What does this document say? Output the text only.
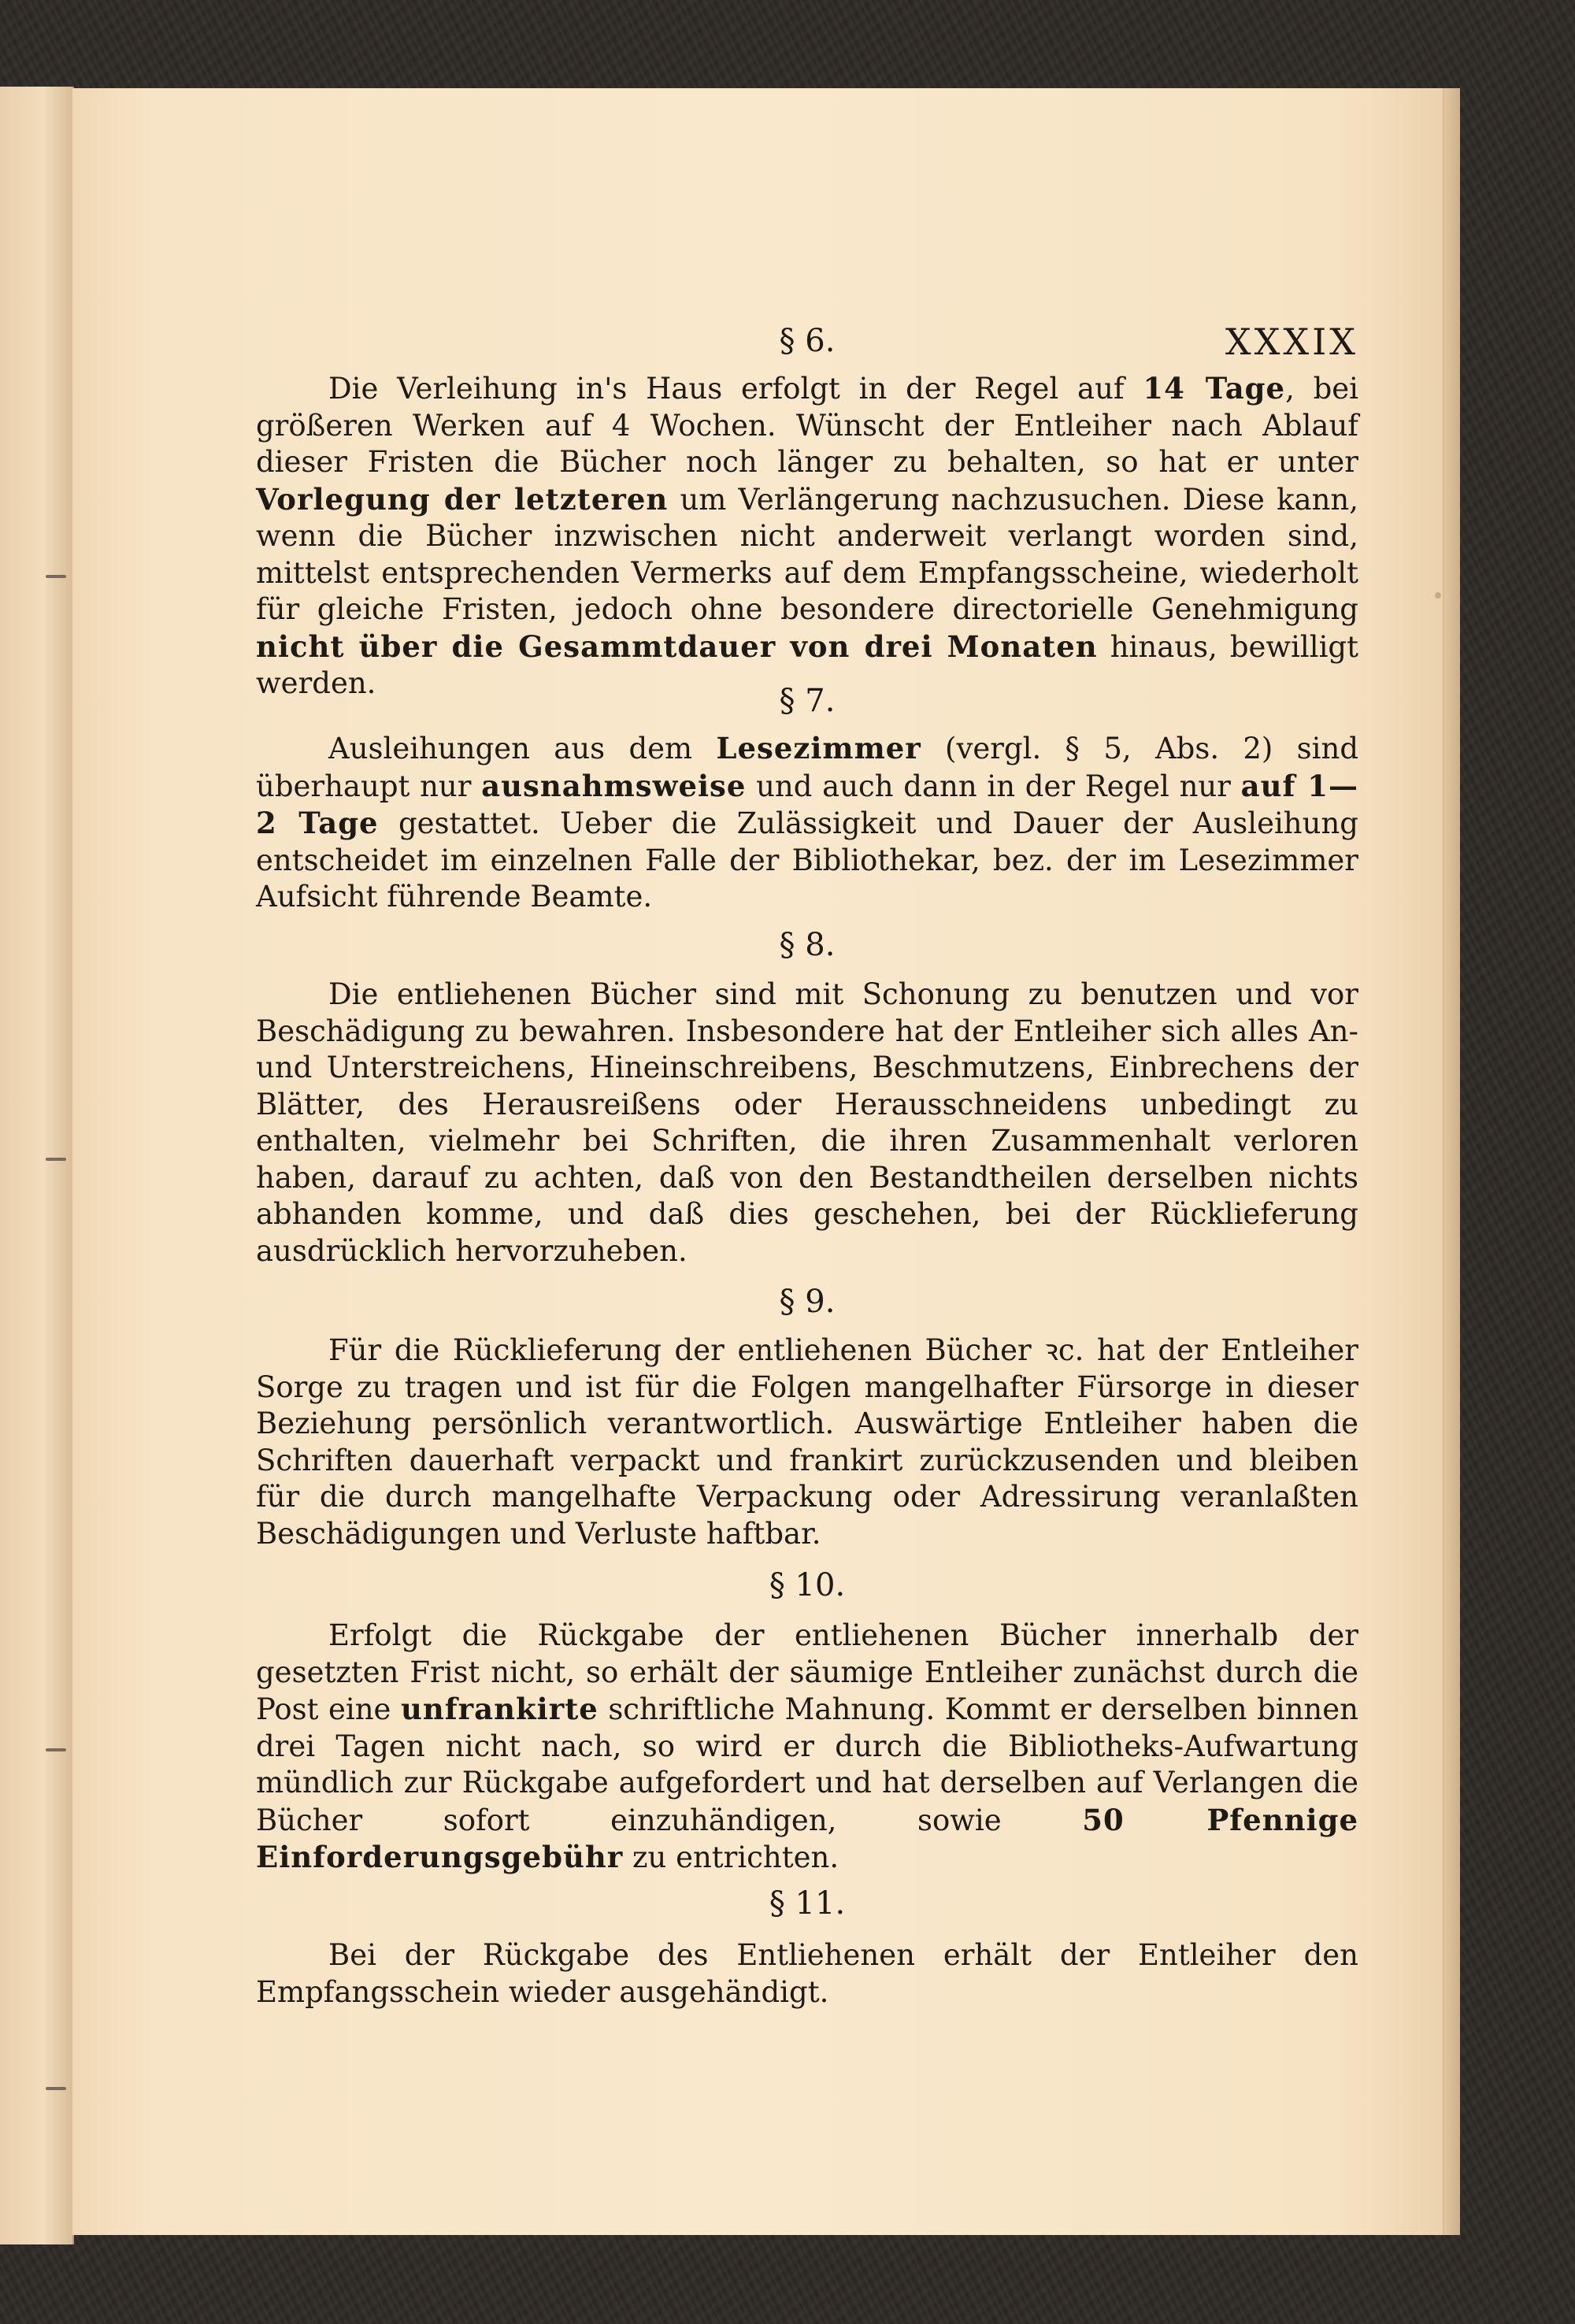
XXXIX
§ 6.
Die Verleihung in's Haus erfolgt in der Regel auf 14 Tage, bei größeren Werken auf 4 Wochen. Wünscht der Entleiher nach Ablauf dieser Fristen die Bücher noch länger zu behalten, so hat er unter Vorlegung der letzteren um Verlängerung nachzusuchen. Diese kann, wenn die Bücher inzwischen nicht anderweit verlangt worden sind, mittelst entsprechenden Vermerks auf dem Empfangsscheine, wiederholt für gleiche Fristen, jedoch ohne besondere directorielle Genehmigung nicht über die Gesammtdauer von drei Monaten hinaus, bewilligt werden.	§ 7.
Ausleihungen aus dem Lesezimmer (vergl. § 5, Abs. 2) sind überhaupt nur ausnahmsweise und auch dann in der Regel nur auf 1—2 Tage gestattet. Ueber die Zulässigkeit und Dauer der Ausleihung entscheidet im einzelnen Falle der Bibliothekar, bez. der im Lesezimmer Aufsicht führende Beamte.
§ 8.
Die entliehenen Bücher sind mit Schonung zu benutzen und vor Beschädigung zu bewahren. Insbesondere hat der Entleiher sich alles An- und Unterstreichens, Hineinschreibens, Beschmutzens, Einbrechens der Blätter, des Herausreißens oder Herausschneidens unbedingt zu enthalten, vielmehr bei Schriften, die ihren Zusammenhalt verloren haben, darauf zu achten, daß von den Bestandtheilen derselben nichts abhanden komme, und daß dies geschehen, bei der Rücklieferung ausdrücklich hervorzuheben.
§ 9.
Für die Rücklieferung der entliehenen Bücher ꝛc. hat der Entleiher Sorge zu tragen und ist für die Folgen mangelhafter Fürsorge in dieser Beziehung persönlich verantwortlich. Auswärtige Entleiher haben die Schriften dauerhaft verpackt und frankirt zurückzusenden und bleiben für die durch mangelhafte Verpackung oder Adressirung veranlaßten Beschädigungen und Verluste haftbar.
§ 10.
Erfolgt die Rückgabe der entliehenen Bücher innerhalb der gesetzten Frist nicht, so erhält der säumige Entleiher zunächst durch die Post eine unfrankirte schriftliche Mahnung. Kommt er derselben binnen drei Tagen nicht nach, so wird er durch die Bibliotheks-Aufwartung mündlich zur Rückgabe aufgefordert und hat derselben auf Verlangen die Bücher sofort einzuhändigen, sowie 50 Pfennige Einforderungsgebühr zu entrichten.
§ 11.
Bei der Rückgabe des Entliehenen erhält der Entleiher den Empfangsschein wieder ausgehändigt.
